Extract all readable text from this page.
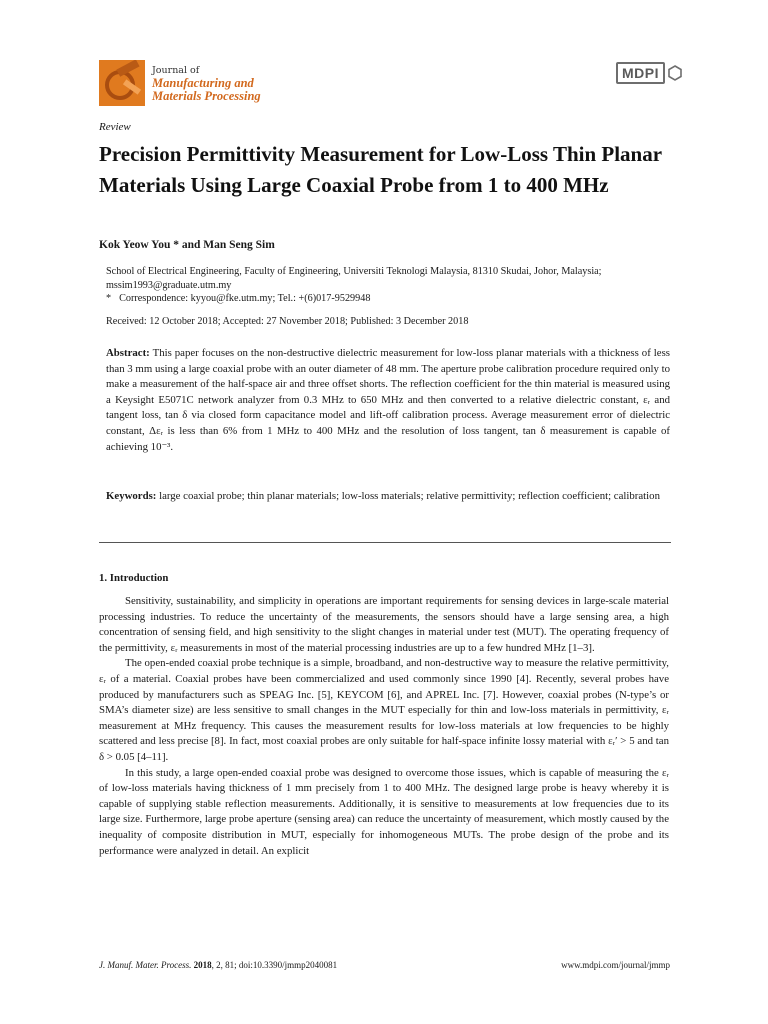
Journal of
Manufacturing and
Materials Processing
MDPI
Review
Precision Permittivity Measurement for Low-Loss Thin Planar Materials Using Large Coaxial Probe from 1 to 400 MHz
Kok Yeow You * and Man Seng Sim
School of Electrical Engineering, Faculty of Engineering, Universiti Teknologi Malaysia, 81310 Skudai, Johor, Malaysia; mssim1993@graduate.utm.my
* Correspondence: kyyou@fke.utm.my; Tel.: +(6)017-9529948
Received: 12 October 2018; Accepted: 27 November 2018; Published: 3 December 2018
Abstract: This paper focuses on the non-destructive dielectric measurement for low-loss planar materials with a thickness of less than 3 mm using a large coaxial probe with an outer diameter of 48 mm. The aperture probe calibration procedure required only to make a measurement of the half-space air and three offset shorts. The reflection coefficient for the thin material is measured using a Keysight E5071C network analyzer from 0.3 MHz to 650 MHz and then converted to a relative dielectric constant, εᵣ and tangent loss, tan δ via closed form capacitance model and lift-off calibration process. Average measurement error of dielectric constant, Δεᵣ is less than 6% from 1 MHz to 400 MHz and the resolution of loss tangent, tan δ measurement is capable of achieving 10⁻³.
Keywords: large coaxial probe; thin planar materials; low-loss materials; relative permittivity; reflection coefficient; calibration
1. Introduction

Sensitivity, sustainability, and simplicity in operations are important requirements for sensing devices in large-scale material processing industries. To reduce the uncertainty of the measurements, the sensors should have a large sensing area, a high concentration of sensing field, and high sensitivity to the slight changes in material under test (MUT). The operating frequency of the permittivity, εᵣ measurements in most of the material processing industries are up to a few hundred MHz [1–3].

The open-ended coaxial probe technique is a simple, broadband, and non-destructive way to measure the relative permittivity, εᵣ of a material. Coaxial probes have been commercialized and used commonly since 1990 [4]. Recently, several probes have produced by manufacturers such as SPEAG Inc. [5], KEYCOM [6], and APREL Inc. [7]. However, coaxial probes (N-type’s or SMA’s diameter size) are less sensitive to small changes in the MUT especially for thin and low-loss materials in permittivity, εᵣ measurement at MHz frequency. This causes the measurement results for low-loss materials at low frequencies to be highly scattered and less precise [8]. In fact, most coaxial probes are only suitable for half-space infinite lossy material with εᵣ′ > 5 and tan δ > 0.05 [4–11].

In this study, a large open-ended coaxial probe was designed to overcome those issues, which is capable of measuring the εᵣ of low-loss materials having thickness of 1 mm precisely from 1 to 400 MHz. The designed large probe is heavy whereby it is capable of supplying stable reflection measurements. Additionally, it is sensitive to measurements at low frequencies due to its large size. Furthermore, large probe aperture (sensing area) can reduce the uncertainty of measurement, which mostly caused by the inequality of composite distribution in MUT, especially for inhomogeneous MUTs. The probe design of the probe and its performance were analyzed in detail. An explicit

J. Manuf. Mater. Process. 2018, 2, 81; doi:10.3390/jmmp2040081	www.mdpi.com/journal/jmmp
